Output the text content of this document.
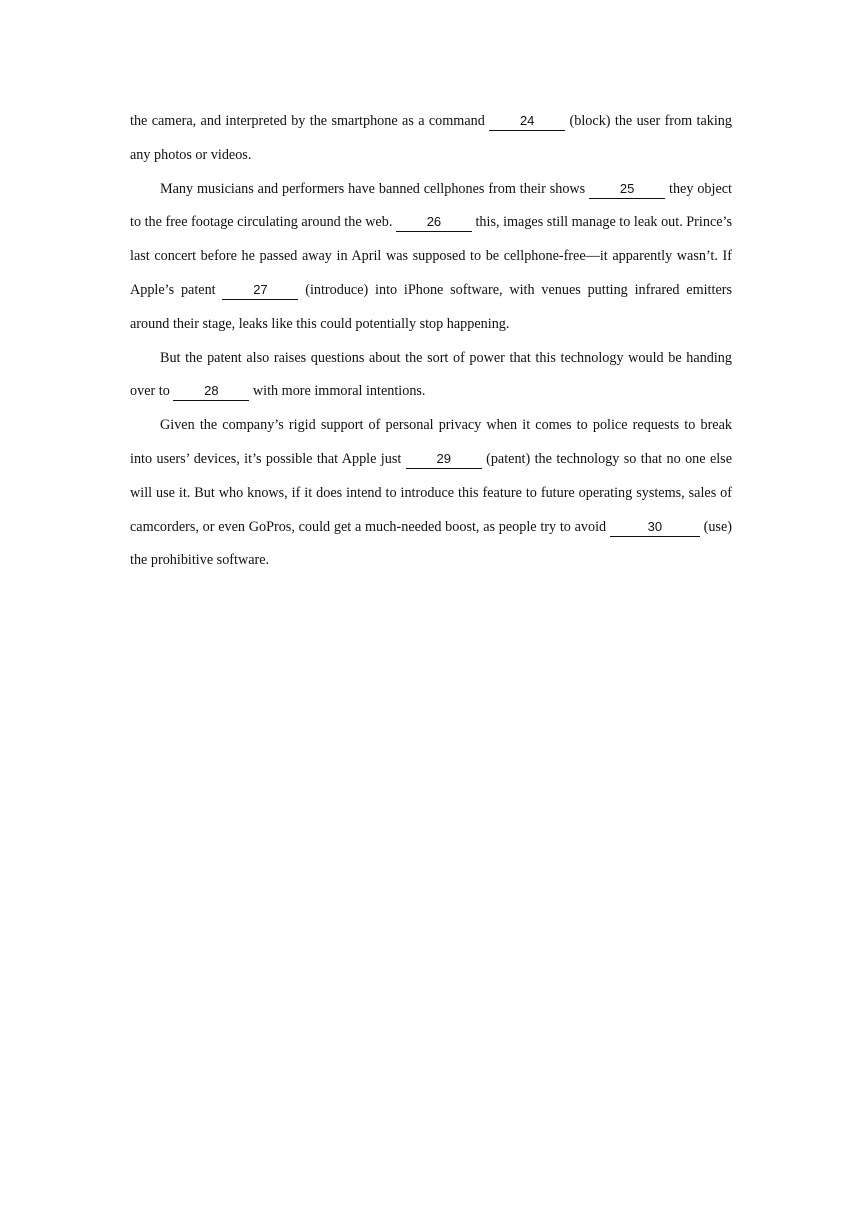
the camera, and interpreted by the smartphone as a command 24 (block) the user from taking any photos or videos.

Many musicians and performers have banned cellphones from their shows 25 they object to the free footage circulating around the web. 26 this, images still manage to leak out. Prince’s last concert before he passed away in April was supposed to be cellphone-free—it apparently wasn’t. If Apple’s patent 27 (introduce) into iPhone software, with venues putting infrared emitters around their stage, leaks like this could potentially stop happening.

But the patent also raises questions about the sort of power that this technology would be handing over to 28 with more immoral intentions.

Given the company’s rigid support of personal privacy when it comes to police requests to break into users’ devices, it’s possible that Apple just 29 (patent) the technology so that no one else will use it. But who knows, if it does intend to introduce this feature to future operating systems, sales of camcorders, or even GoPros, could get a much-needed boost, as people try to avoid	30	(use) the prohibitive software.
